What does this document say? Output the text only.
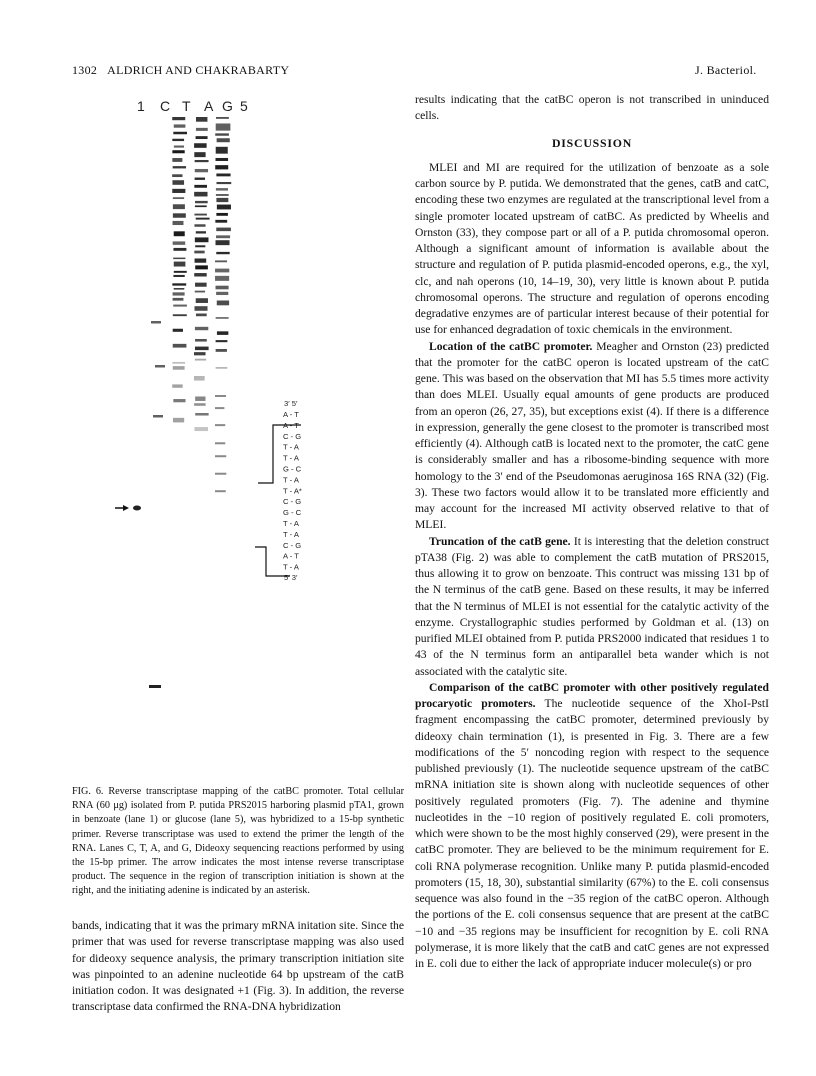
1302 ALDRICH AND CHAKRABARTY	J. Bacteriol.
1 C T A G 5
3′ 5′
A - T
A - T
C - G
T - A
T - A
G - C
T - A
T - A*
C - G
G - C
T - A
T - A
C - G
A - T
T - A
5′ 3′
FIG. 6. Reverse transcriptase mapping of the catBC promoter. Total cellular RNA (60 μg) isolated from P. putida PRS2015 harboring plasmid pTA1, grown in benzoate (lane 1) or glucose (lane 5), was hybridized to a 15-bp synthetic primer. Reverse transcriptase was used to extend the primer the length of the RNA. Lanes C, T, A, and G, Dideoxy sequencing reactions performed by using the 15-bp primer. The arrow indicates the most intense reverse transcriptase product. The sequence in the region of transcription initiation is shown at the right, and the initiating adenine is indicated by an asterisk.

bands, indicating that it was the primary mRNA initation site. Since the primer that was used for reverse transcriptase mapping was also used for dideoxy sequence analysis, the primary transcription initiation site was pinpointed to an adenine nucleotide 64 bp upstream of the catB initiation codon. It was designated +1 (Fig. 3). In addition, the reverse transcriptase data confirmed the RNA-DNA hybridization

results indicating that the catBC operon is not transcribed in uninduced cells.

DISCUSSION

MLEI and MI are required for the utilization of benzoate as a sole carbon source by P. putida. We demonstrated that the genes, catB and catC, encoding these two enzymes are regulated at the transcriptional level from a single promoter located upstream of catBC. As predicted by Wheelis and Ornston (33), they compose part or all of a P. putida chromosomal operon. Although a significant amount of information is available about the structure and regulation of P. putida plasmid-encoded operons, e.g., the xyl, clc, and nah operons (10, 14–19, 30), very little is known about P. putida chromosomal operons. The structure and regulation of operons encoding degradative enzymes are of particular interest because of their potential for use for enhanced degradation of toxic chemicals in the environment.

Location of the catBC promoter. Meagher and Ornston (23) predicted that the promoter for the catBC operon is located upstream of the catC gene. This was based on the observation that MI has 5.5 times more activity than does MLEI. Usually equal amounts of gene products are produced from an operon (26, 27, 35), but exceptions exist (4). If there is a difference in expression, generally the gene closest to the promoter is transcribed most efficiently (4). Although catB is located next to the promoter, the catC gene is considerably smaller and has a ribosome-binding sequence with more homology to the 3′ end of the Pseudomonas aeruginosa 16S RNA (32) (Fig. 3). These two factors would allow it to be translated more efficiently and may account for the increased MI activity observed relative to that of MLEI.

Truncation of the catB gene. It is interesting that the deletion construct pTA38 (Fig. 2) was able to complement the catB mutation of PRS2015, thus allowing it to grow on benzoate. This contruct was missing 131 bp of the N terminus of the catB gene. Based on these results, it may be inferred that the N terminus of MLEI is not essential for the catalytic activity of the enzyme. Crystallographic studies performed by Goldman et al. (13) on purified MLEI obtained from P. putida PRS2000 indicated that residues 1 to 43 of the N terminus form an antiparallel beta wander which is not associated with the catalytic site.

Comparison of the catBC promoter with other positively regulated procaryotic promoters. The nucleotide sequence of the XhoI-PstI fragment encompassing the catBC promoter, determined previously by dideoxy chain termination (1), is presented in Fig. 3. There are a few modifications of the 5′ noncoding region with respect to the sequence published previously (1). The nucleotide sequence upstream of the catBC mRNA initiation site is shown along with nucleotide sequences of other positively regulated promoters (Fig. 7). The adenine and thymine nucleotides in the −10 region of positively regulated E. coli promoters, which were shown to be the most highly conserved (29), were present in the catBC promoter. They are believed to be the minimum requirement for E. coli RNA polymerase recognition. Unlike many P. putida plasmid-encoded promoters (15, 18, 30), substantial similarity (67%) to the E. coli consensus sequence was also found in the −35 region of the catBC operon. Although the portions of the E. coli consensus sequence that are present at the catBC −10 and −35 regions may be insufficient for recognition by E. coli RNA polymerase, it is more likely that the catB and catC genes are not expressed in E. coli due to either the lack of appropriate inducer molecule(s) or pro
